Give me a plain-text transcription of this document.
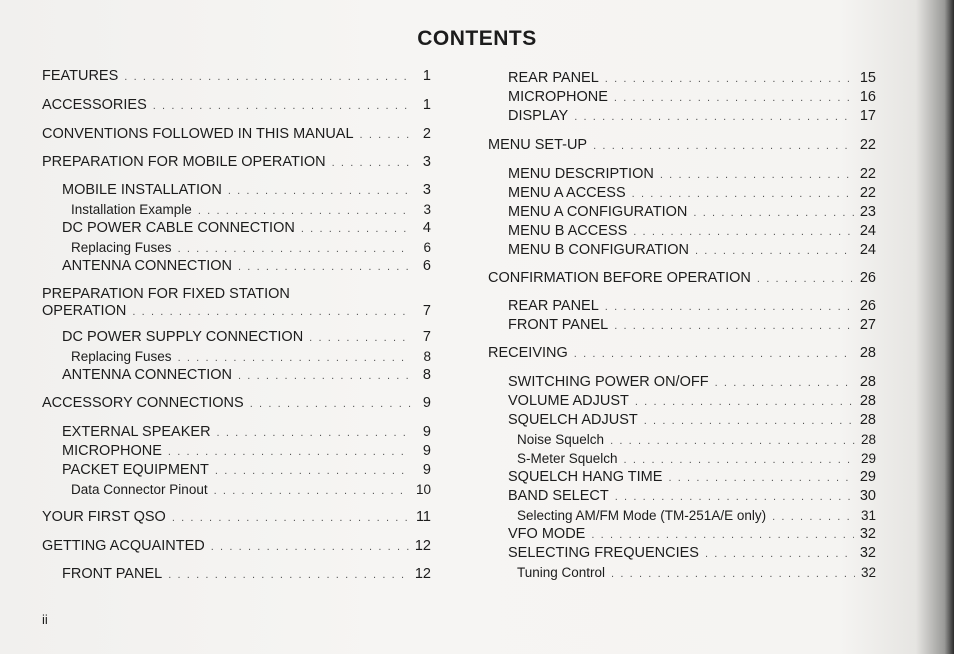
CONTENTS
FEATURES . . .	1
ACCESSORIES . . .	1
CONVENTIONS FOLLOWED IN THIS MANUAL . . .	2
PREPARATION FOR MOBILE OPERATION . . .	3
MOBILE INSTALLATION . . .	3
Installation Example . . .	3
DC POWER CABLE CONNECTION . . .	4
Replacing Fuses . . .	6
ANTENNA CONNECTION . . .	6
PREPARATION FOR FIXED STATION
OPERATION . . .	7
DC POWER SUPPLY CONNECTION . . .	7
Replacing Fuses . . .	8
ANTENNA CONNECTION . . .	8
ACCESSORY CONNECTIONS . . .	9
EXTERNAL SPEAKER . . .	9
MICROPHONE . . .	9
PACKET EQUIPMENT . . .	9
Data Connector Pinout . . .	10
YOUR FIRST QSO . . .	11
GETTING ACQUAINTED . . .	12
FRONT PANEL . . .	12
REAR PANEL . . .	15
MICROPHONE . . .	16
DISPLAY . . .	17
MENU SET-UP . . .	22
MENU DESCRIPTION . . .	22
MENU A ACCESS . . .	22
MENU A CONFIGURATION . . .	23
MENU B ACCESS . . .	24
MENU B CONFIGURATION . . .	24
CONFIRMATION BEFORE OPERATION . . .	26
REAR PANEL . . .	26
FRONT PANEL . . .	27
RECEIVING . . .	28
SWITCHING POWER ON/OFF . . .	28
VOLUME ADJUST . . .	28
SQUELCH ADJUST . . .	28
Noise Squelch . . .	28
S-Meter Squelch . . .	29
SQUELCH HANG TIME . . .	29
BAND SELECT . . .	30
Selecting AM/FM Mode (TM-251A/E only) . . .	31
VFO MODE . . .	32
SELECTING FREQUENCIES . . .	32
Tuning Control . . .	32
ii
